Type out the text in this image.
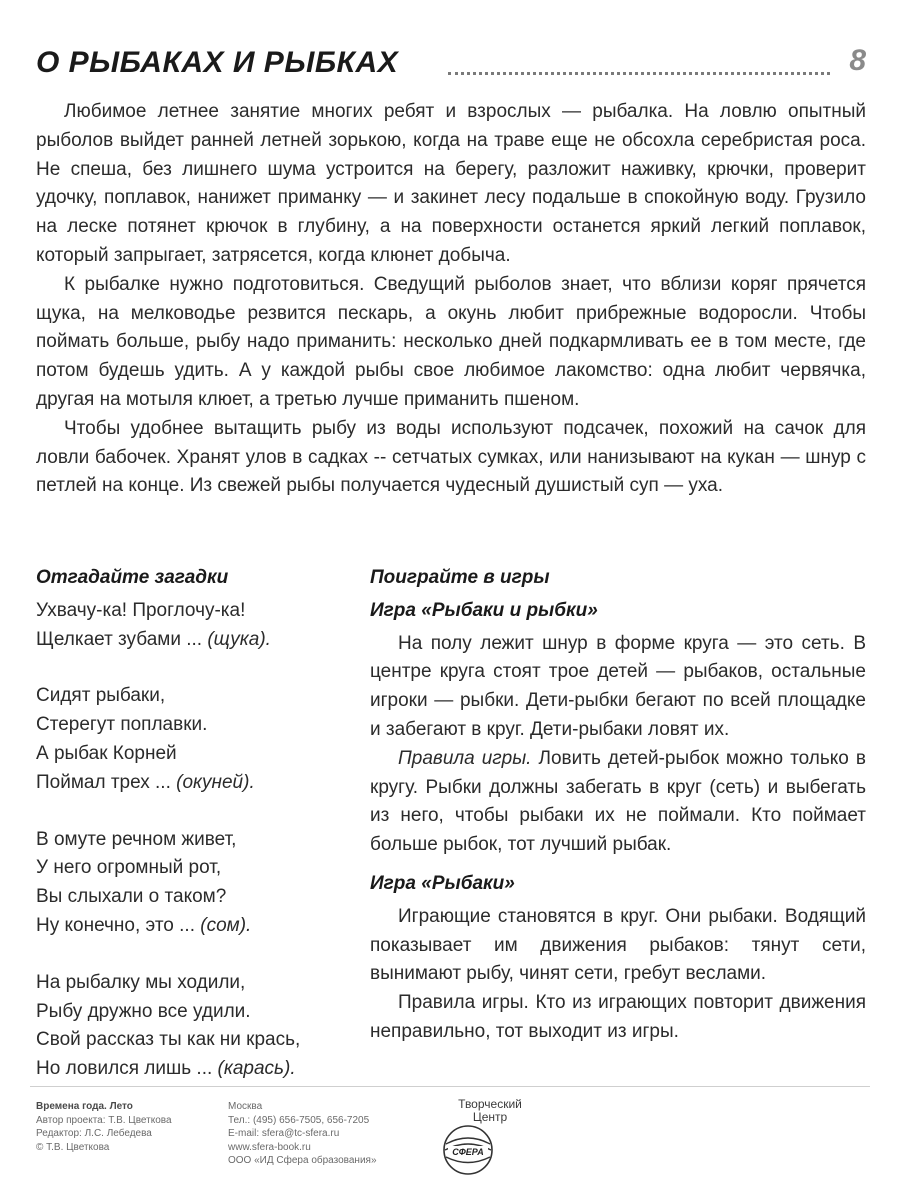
О РЫБАКАХ И РЫБКАХ	8

Любимое летнее занятие многих ребят и взрослых — рыбалка. На ловлю опытный рыболов выйдет ранней летней зорькою, когда на траве еще не обсохла серебристая роса. Не спеша, без лишнего шума устроится на берегу, разложит наживку, крючки, проверит удочку, поплавок, нанижет приманку — и закинет лесу подальше в спокойную воду. Грузило на леске потянет крючок в глубину, а на поверхности останется яркий легкий поплавок, который запрыгает, затрясется, когда клюнет добыча.

К рыбалке нужно подготовиться. Сведущий рыболов знает, что вблизи коряг прячется щука, на мелководье резвится пескарь, а окунь любит прибрежные водоросли. Чтобы поймать больше, рыбу надо приманить: несколько дней подкармливать ее в том месте, где потом будешь удить. А у каждой рыбы свое любимое лакомство: одна любит червячка, другая на мотыля клюет, а третью лучше приманить пшеном.

Чтобы удобнее вытащить рыбу из воды используют подсачек, похожий на сачок для ловли бабочек. Хранят улов в садках -- сетчатых сумках, или нанизывают на кукан — шнур с петлей на конце. Из свежей рыбы получается чудесный душистый суп — уха.

Отгадайте загадки
Ухвачу-ка! Проглочу-ка!
Щелкает зубами ... (щука).
Сидят рыбаки,
Стерегут поплавки.
А рыбак Корней
Поймал трех ... (окуней).
В омуте речном живет,
У него огромный рот,
Вы слыхали о таком?
Ну конечно, это ... (сом).
На рыбалку мы ходили,
Рыбу дружно все удили.
Свой рассказ ты как ни крась,
Но ловился лишь ... (карась).
Поиграйте в игры
Игра «Рыбаки и рыбки»

На полу лежит шнур в форме круга — это сеть. В центре круга стоят трое детей — рыбаков, остальные игроки — рыбки. Дети-рыбки бегают по всей площадке и забегают в круг. Дети-рыбаки ловят их.

Правила игры. Ловить детей-рыбок можно только в кругу. Рыбки должны забегать в круг (сеть) и выбегать из него, чтобы рыбаки их не поймали. Кто поймает больше рыбок, тот лучший рыбак.

Игра «Рыбаки»

Играющие становятся в круг. Они рыбаки. Водящий показывает им движения рыбаков: тянут сети, вынимают рыбу, чинят сети, гребут веслами.

Правила игры. Кто из играющих повторит движения неправильно, тот выходит из игры.

Времена года. Лето
Автор проекта: Т.В. Цветкова
Редактор: Л.С. Лебедева
© Т.В. Цветкова
Москва
Тел.: (495) 656-7505, 656-7205
E-mail: sfera@tc-sfera.ru
www.sfera-book.ru
ООО «ИД Сфера образования»
Творческий
Центр
СФЕРА
